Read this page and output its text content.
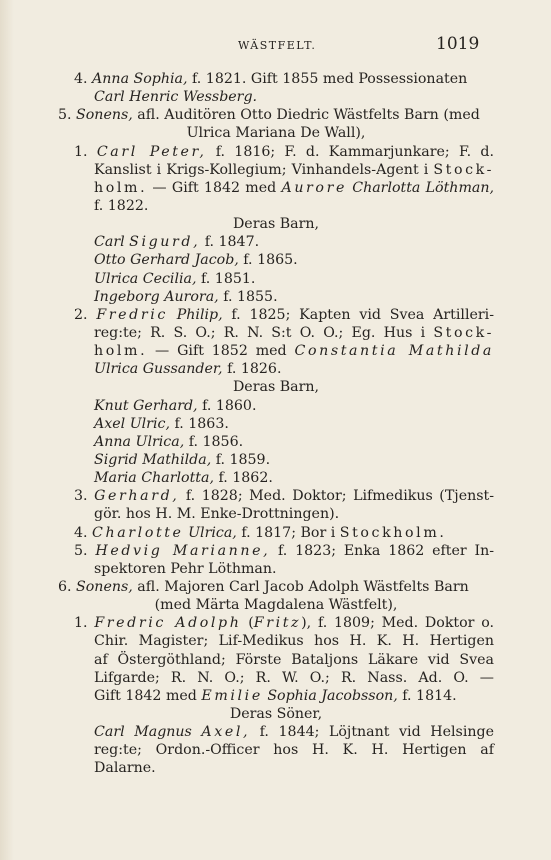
WÄSTFELT.	1019
4. Anna Sophia, f. 1821. Gift 1855 med Possessionaten
Carl Henric Wessberg.
5. Sonens, afl. Auditören Otto Diedric Wästfelts Barn (med
Ulrica Mariana De Wall),
1. Carl Peter, f. 1816; F. d. Kammarjunkare; F. d.
Kanslist i Krigs-Kollegium; Vinhandels-Agent i Stock-
holm. — Gift 1842 med Aurore Charlotta Löthman,
f. 1822.
Deras Barn,
Carl Sigurd, f. 1847.
Otto Gerhard Jacob, f. 1865.
Ulrica Cecilia, f. 1851.
Ingeborg Aurora, f. 1855.
2. Fredric Philip, f. 1825; Kapten vid Svea Artilleri-
reg:te; R. S. O.; R. N. S:t O. O.; Eg. Hus i Stock-
holm. — Gift 1852 med Constantia Mathilda
Ulrica Gussander, f. 1826.
Deras Barn,
Knut Gerhard, f. 1860.
Axel Ulric, f. 1863.
Anna Ulrica, f. 1856.
Sigrid Mathilda, f. 1859.
Maria Charlotta, f. 1862.
3. Gerhard, f. 1828; Med. Doktor; Lifmedikus (Tjenst-
gör. hos H. M. Enke-Drottningen).
4. Charlotte Ulrica, f. 1817; Bor i Stockholm.
5. Hedvig Marianne, f. 1823; Enka 1862 efter In-
spektoren Pehr Löthman.
6. Sonens, afl. Majoren Carl Jacob Adolph Wästfelts Barn
(med Märta Magdalena Wästfelt),
1. Fredric Adolph (Fritz), f. 1809; Med. Doktor o.
Chir. Magister; Lif-Medikus hos H. K. H. Hertigen
af Östergöthland; Förste Bataljons Läkare vid Svea
Lifgarde; R. N. O.; R. W. O.; R. Nass. Ad. O. —
Gift 1842 med Emilie Sophia Jacobsson, f. 1814.
Deras Söner,
Carl Magnus Axel, f. 1844; Löjtnant vid Helsinge
reg:te; Ordon.-Officer hos H. K. H. Hertigen af
Dalarne.
